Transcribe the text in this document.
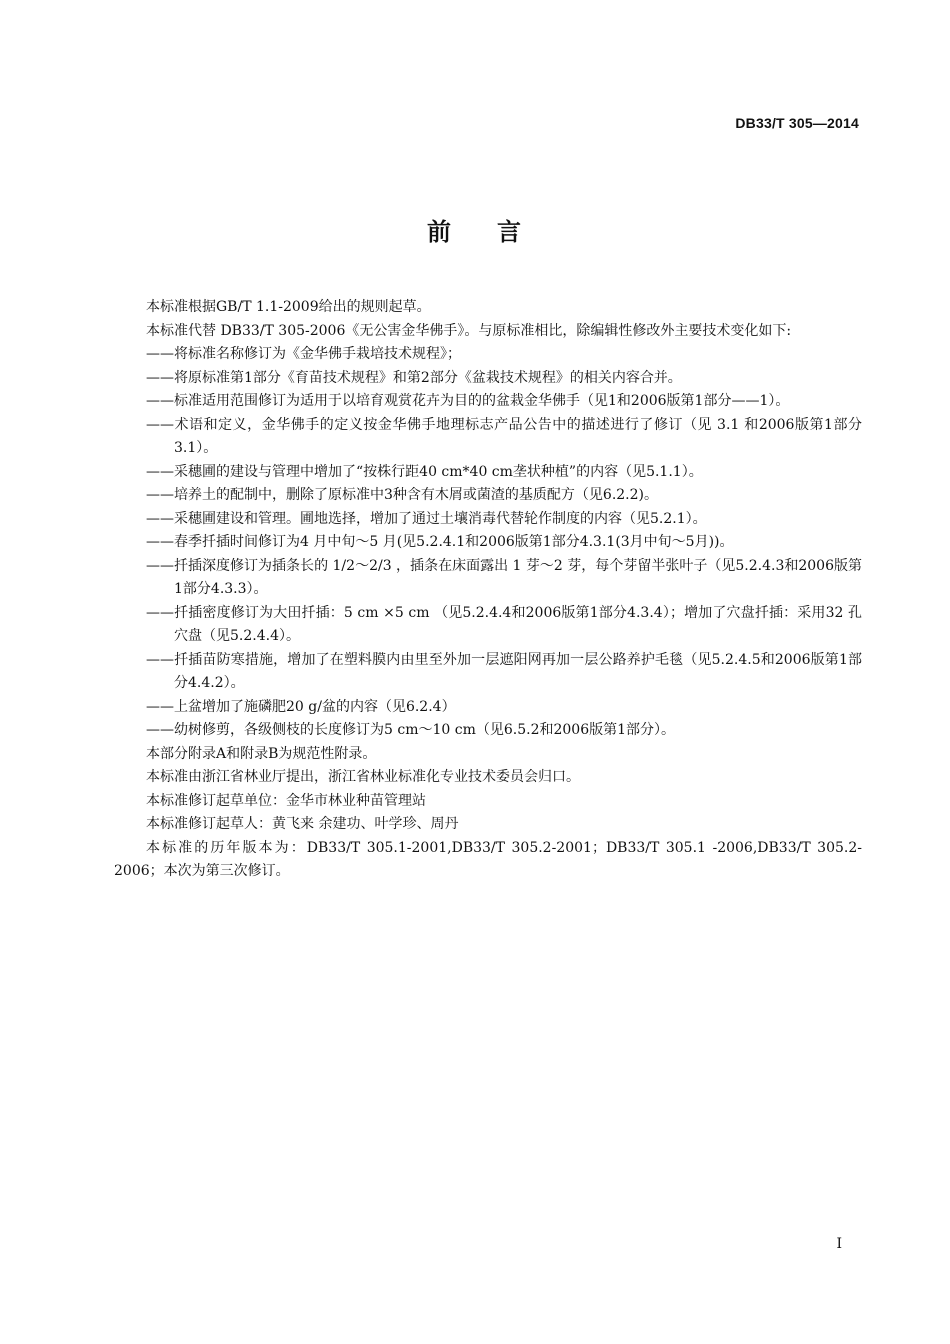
DB33/T 305—2014
前 言

本标准根据GB/T 1.1-2009给出的规则起草。

本标准代替 DB33/T 305-2006《无公害金华佛手》。与原标准相比，除编辑性修改外主要技术变化如下:

——将标准名称修订为《金华佛手栽培技术规程》；

——将原标准第1部分《育苗技术规程》和第2部分《盆栽技术规程》的相关内容合并。

——标准适用范围修订为适用于以培育观赏花卉为目的的盆栽金华佛手（见1和2006版第1部分——1）。

——术语和定义，金华佛手的定义按金华佛手地理标志产品公告中的描述进行了修订（见 3.1 和2006版第1部分3.1）。

——采穗圃的建设与管理中增加了“按株行距40 cm*40 cm垄状种植”的内容（见5.1.1）。

——培养土的配制中，删除了原标准中3种含有木屑或菌渣的基质配方（见6.2.2)。

——采穗圃建设和管理。圃地选择，增加了通过土壤消毒代替轮作制度的内容（见5.2.1）。

——春季扦插时间修订为4 月中旬～5 月(见5.2.4.1和2006版第1部分4.3.1(3月中旬～5月))。

——扦插深度修订为插条长的 1/2～2/3 ，插条在床面露出 1 芽～2 芽，每个芽留半张叶子（见5.2.4.3和2006版第1部分4.3.3）。

——扦插密度修订为大田扦插：5 cm ×5 cm （见5.2.4.4和2006版第1部分4.3.4）；增加了穴盘扦插：采用32 孔穴盘（见5.2.4.4）。

——扦插苗防寒措施，增加了在塑料膜内由里至外加一层遮阳网再加一层公路养护毛毯（见5.2.4.5和2006版第1部分4.4.2）。

——上盆增加了施磷肥20 g/盆的内容（见6.2.4）

——幼树修剪，各级侧枝的长度修订为5 cm～10 cm（见6.5.2和2006版第1部分）。

本部分附录A和附录B为规范性附录。

本标准由浙江省林业厅提出，浙江省林业标准化专业技术委员会归口。

本标准修订起草单位：金华市林业种苗管理站

本标准修订起草人：黄飞来 余建功、叶学珍、周丹

本标准的历年版本为：DB33/T 305.1-2001,DB33/T 305.2-2001；DB33/T 305.1 -2006,DB33/T 305.2-2006；本次为第三次修订。

I
